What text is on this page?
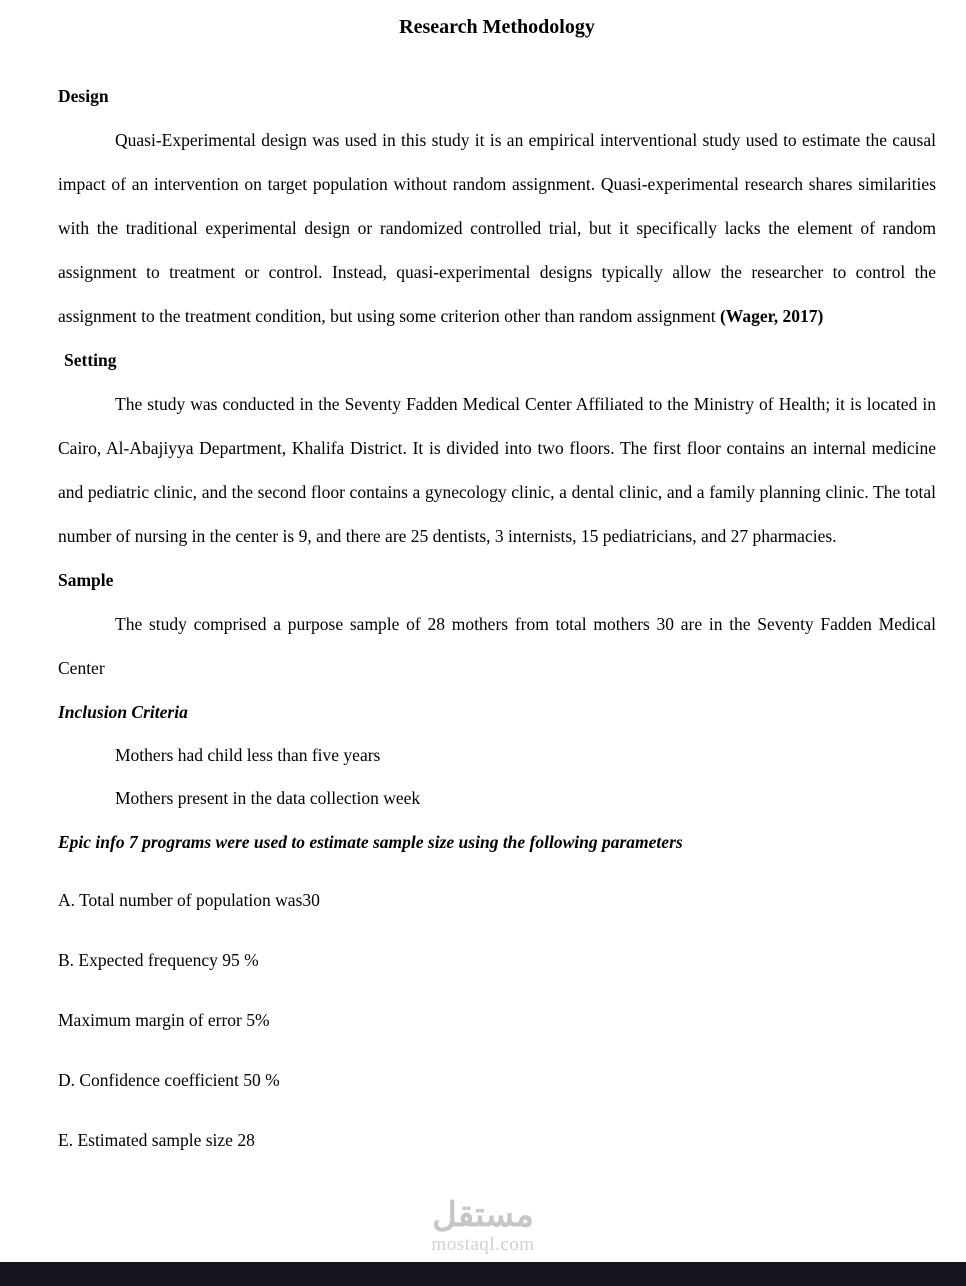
Research Methodology
Design

Quasi-Experimental design was used in this study it is an empirical interventional study used to estimate the causal impact of an intervention on target population without random assignment. Quasi-experimental research shares similarities with the traditional experimental design or randomized controlled trial, but it specifically lacks the element of random assignment to treatment or control. Instead, quasi-experimental designs typically allow the researcher to control the assignment to the treatment condition, but using some criterion other than random assignment (Wager, 2017)

Setting

The study was conducted in the Seventy Fadden Medical Center Affiliated to the Ministry of Health; it is located in Cairo, Al-Abajiyya Department, Khalifa District. It is divided into two floors. The first floor contains an internal medicine and pediatric clinic, and the second floor contains a gynecology clinic, a dental clinic, and a family planning clinic. The total number of nursing in the center is 9, and there are 25 dentists, 3 internists, 15 pediatricians, and 27 pharmacies.

Sample

The study comprised a purpose sample of 28 mothers from total mothers 30 are in the Seventy Fadden Medical Center

Inclusion Criteria

Mothers had child less than five years

Mothers present in the data collection week

Epic info 7 programs were used to estimate sample size using the following parameters

A. Total number of population was30

B. Expected frequency 95 %

Maximum margin of error 5%

D. Confidence coefficient 50 %

E. Estimated sample size 28

مستقل
mostaql.com
